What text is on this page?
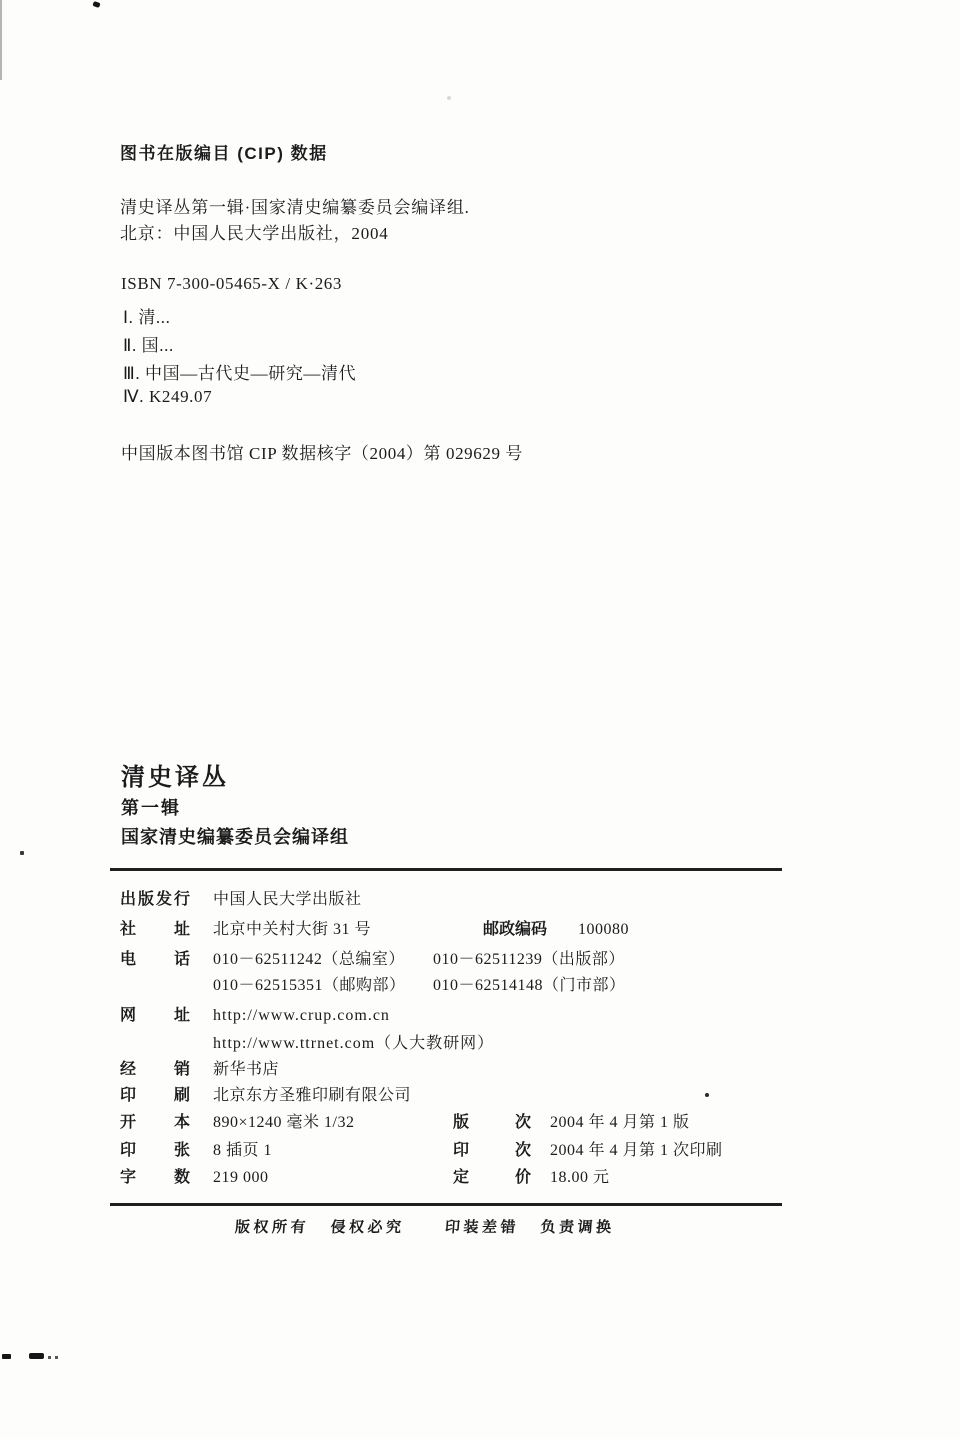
图书在版编目 (CIP) 数据
清史译丛第一辑·国家清史编纂委员会编译组.
北京：中国人民大学出版社，2004
ISBN 7-300-05465-X / K·263
Ⅰ. 清...
Ⅱ. 国...
Ⅲ. 中国—古代史—研究—清代
Ⅳ. K249.07
中国版本图书馆 CIP 数据核字（2004）第 029629 号
清史译丛
第一辑
国家清史编纂委员会编译组
出版发行 中国人民大学出版社
社址 北京中关村大街 31 号	邮政编码 100080
电话 010－62511242（总编室） 010－62511239（出版部）
010－62515351（邮购部） 010－62514148（门市部）
网址 http://www.crup.com.cn
http://www.ttrnet.com（人大教研网）
经销 新华书店
印刷 北京东方圣雅印刷有限公司
开本 890×1240 毫米 1/32	版次 2004 年 4 月第 1 版
印张 8 插页 1	印次 2004 年 4 月第 1 次印刷
字数 219 000	定价 18.00 元
版权所有 侵权必究	印装差错 负责调换
